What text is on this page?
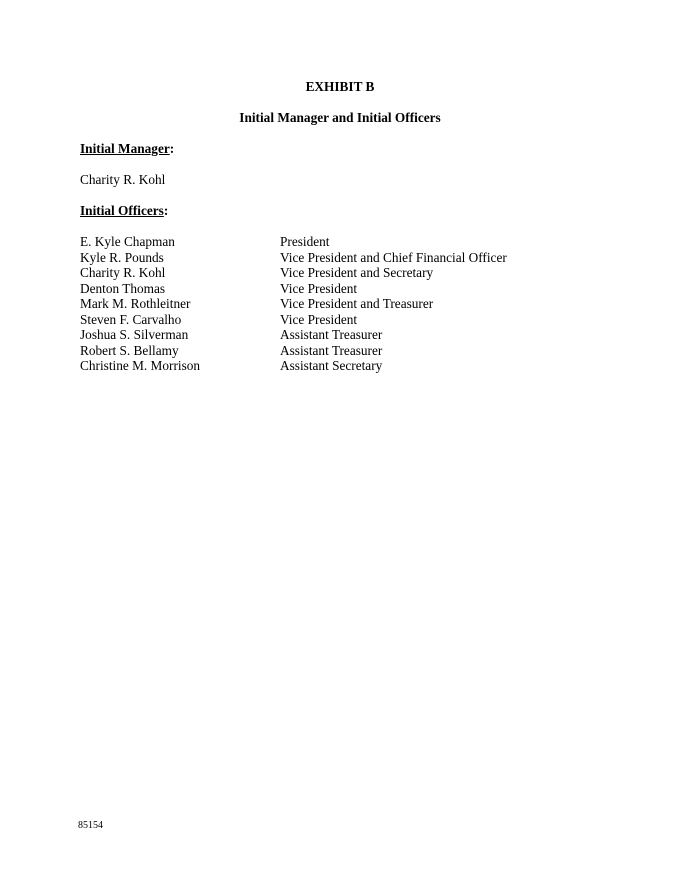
EXHIBIT B
Initial Manager and Initial Officers
Initial Manager:
Charity R. Kohl
Initial Officers:
E. Kyle Chapman	President
Kyle R. Pounds	Vice President and Chief Financial Officer
Charity R. Kohl	Vice President and Secretary
Denton Thomas	Vice President
Mark M. Rothleitner	Vice President and Treasurer
Steven F. Carvalho	Vice President
Joshua S. Silverman	Assistant Treasurer
Robert S. Bellamy	Assistant Treasurer
Christine M. Morrison	Assistant Secretary
85154
